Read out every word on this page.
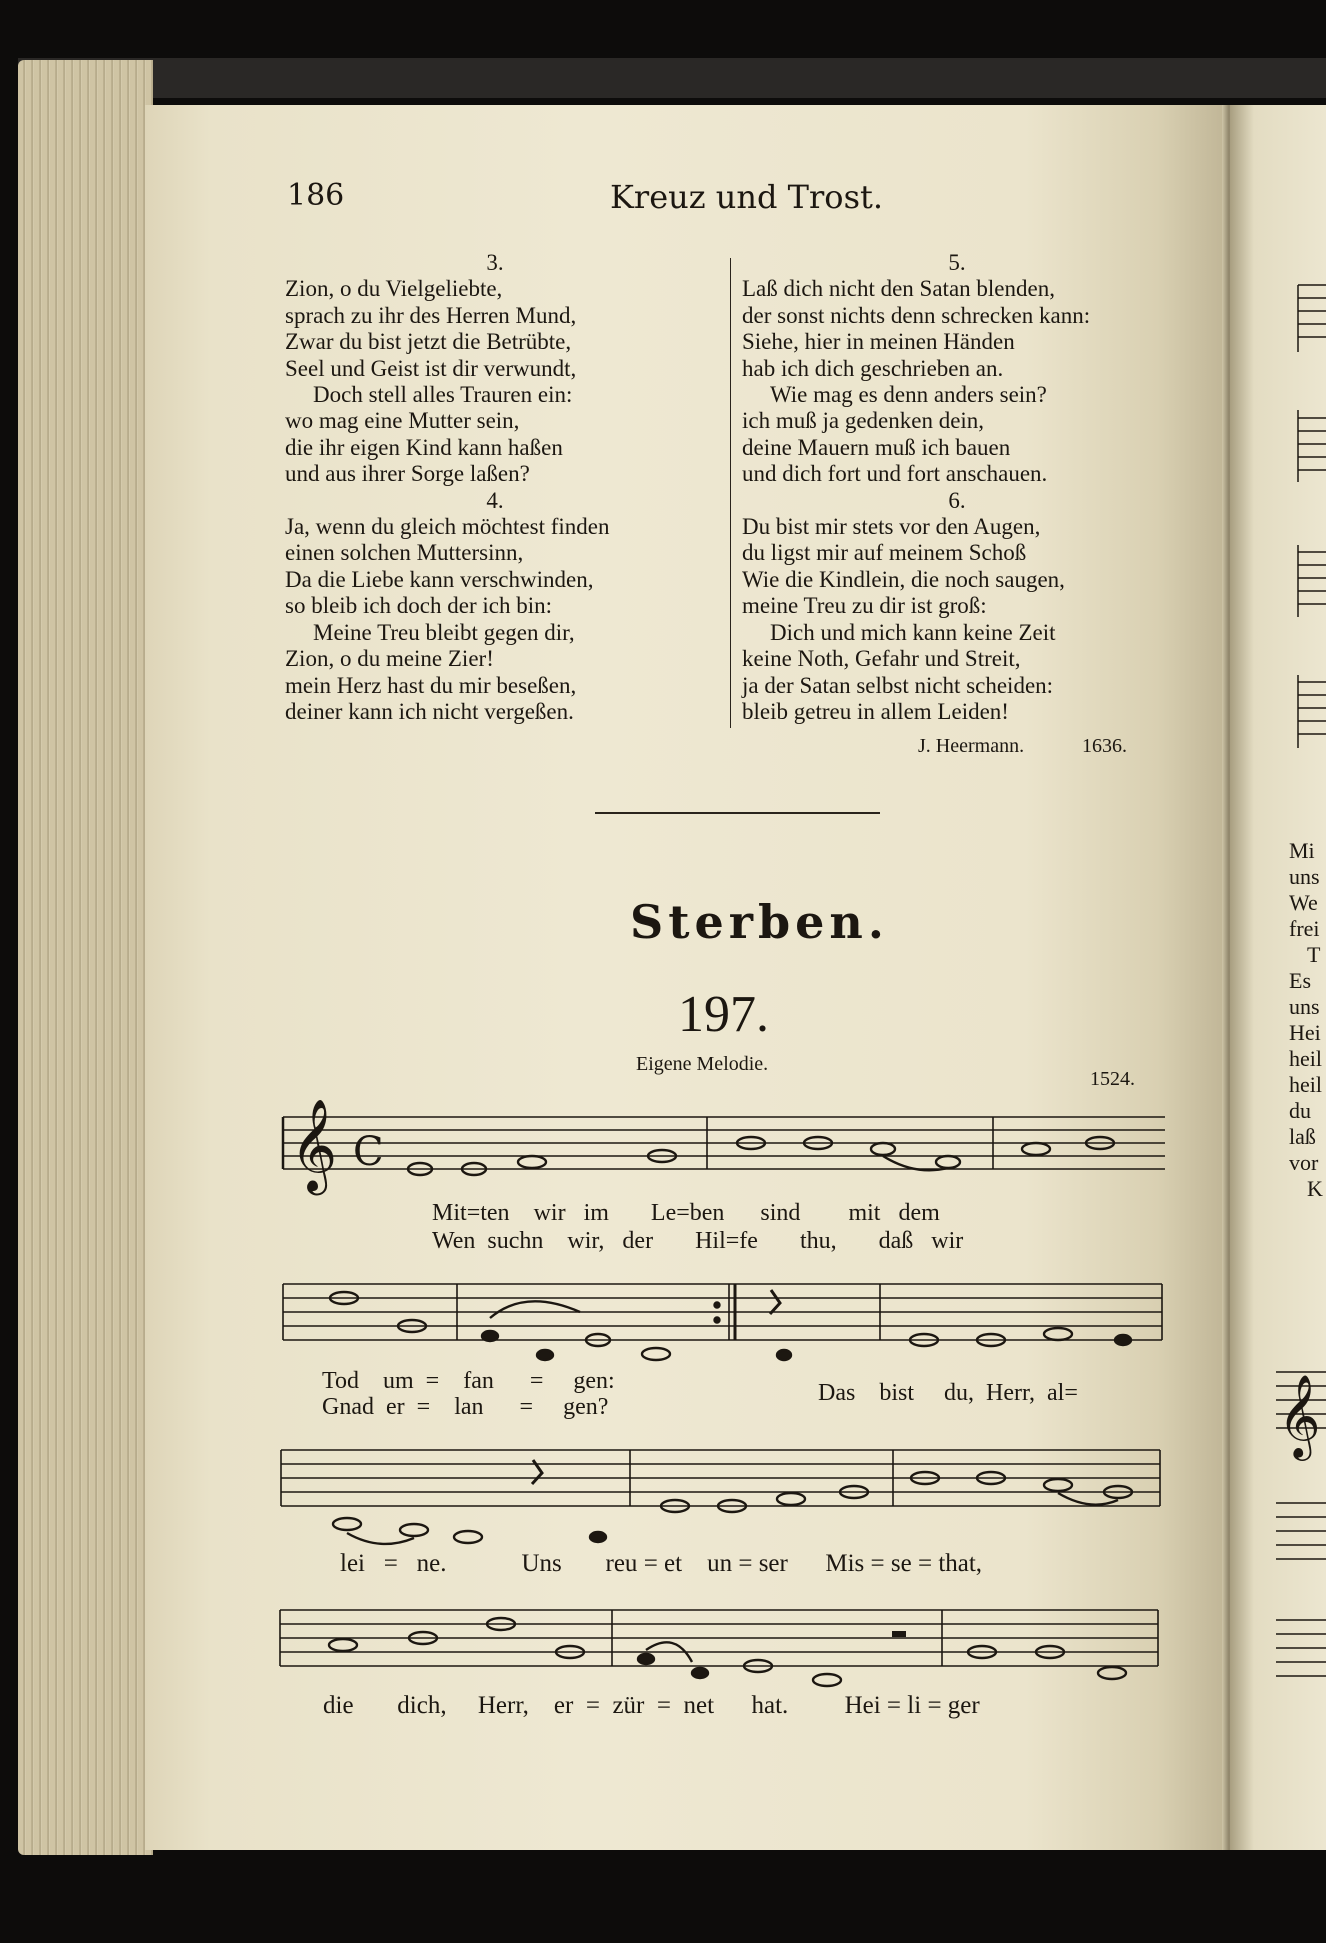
186	Kreuz und Trost.
3.
Zion, o du Vielgeliebte,
sprach zu ihr des Herren Mund,
Zwar du bist jetzt die Betrübte,
Seel und Geist ist dir verwundt,
Doch stell alles Trauren ein:
wo mag eine Mutter sein,
die ihr eigen Kind kann haßen
und aus ihrer Sorge laßen?
4.
Ja, wenn du gleich möchtest finden
einen solchen Muttersinn,
Da die Liebe kann verschwinden,
so bleib ich doch der ich bin:
Meine Treu bleibt gegen dir,
Zion, o du meine Zier!
mein Herz hast du mir beseßen,
deiner kann ich nicht vergeßen.
5.
Laß dich nicht den Satan blenden,
der sonst nichts denn schrecken kann:
Siehe, hier in meinen Händen
hab ich dich geschrieben an.
Wie mag es denn anders sein?
ich muß ja gedenken dein,
deine Mauern muß ich bauen
und dich fort und fort anschauen.
6.
Du bist mir stets vor den Augen,
du ligst mir auf meinem Schoß
Wie die Kindlein, die noch saugen,
meine Treu zu dir ist groß:
Dich und mich kann keine Zeit
keine Noth, Gefahr und Streit,
ja der Satan selbst nicht scheiden:
bleib getreu in allem Leiden!
J. Heermann.	1636.
Sterben.
197.
Eigene Melodie.
1524.
𝄞 C
Mit=ten wir im Le=ben sind mit dem
Wen suchn wir, der Hil=fe thu, daß wir
Tod um = fan = gen:
Gnad er = lan = gen?
Das bist du, Herr, al=
lei = ne.	Uns reu = et un = ser Mis = se = that,
die dich, Herr, er = zür = net hat. Hei = li = ger
Mi
uns
We
frei
T
Es
uns
Hei
heil
heil
du
laß
vor
K
𝄞
